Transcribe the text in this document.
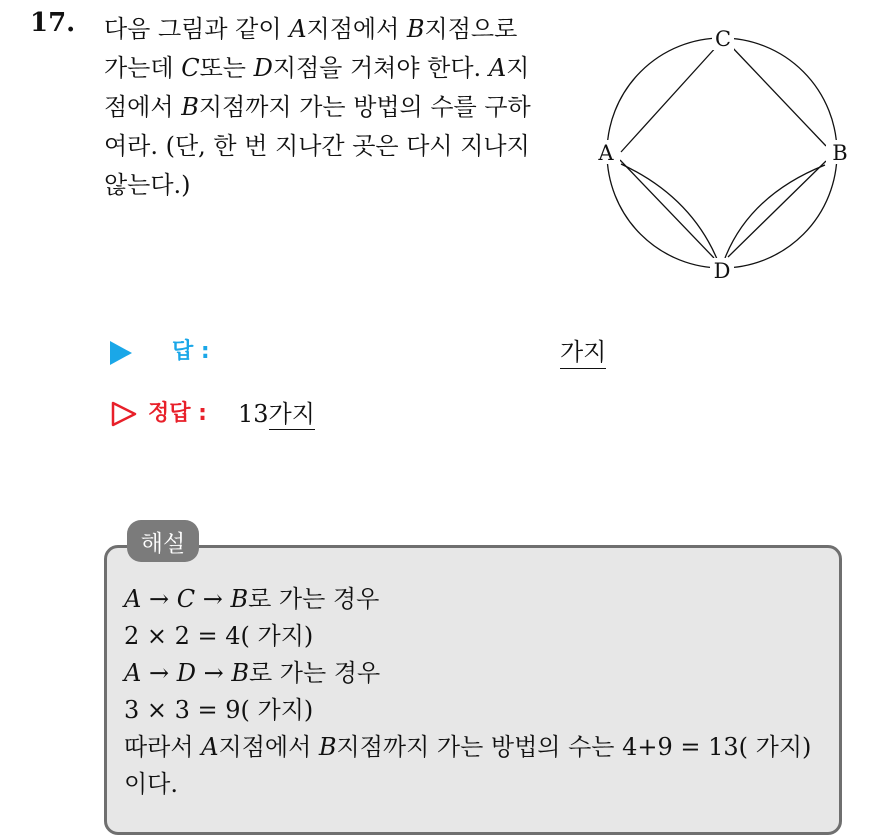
17. 다음 그림과 같이 A지점에서 B지점으로
가는데 C또는 D지점을 거쳐야 한다. A지
점에서 B지점까지 가는 방법의 수를 구하
여라. (단, 한 번 지나간 곳은 다시 지나지
않는다.)
C
A	B
D
답 :	가지
정답 : 13가지
해설
A → C → B로 가는 경우
2 × 2 = 4( 가지)
A → D → B로 가는 경우
3 × 3 = 9( 가지)
따라서 A지점에서 B지점까지 가는 방법의 수는 4+9 = 13( 가지)
이다.
